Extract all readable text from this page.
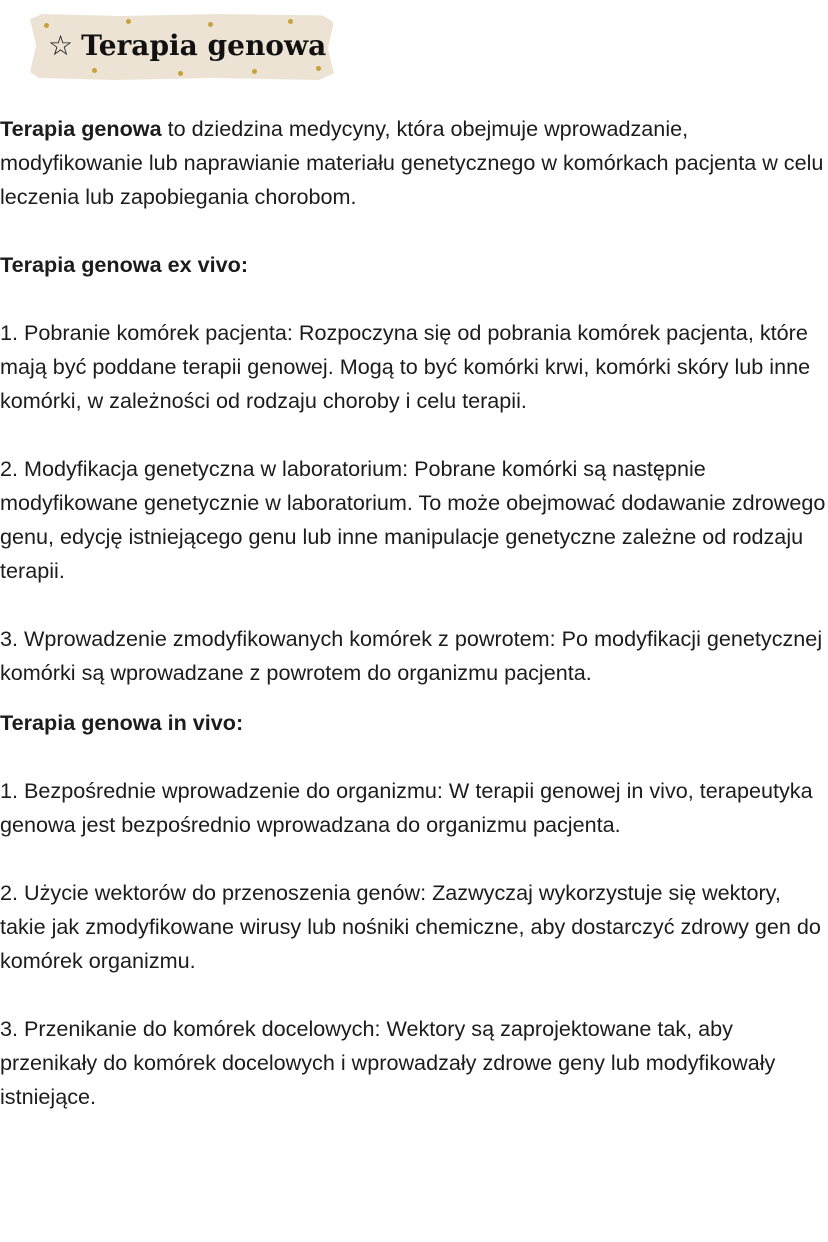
☆ Terapia genowa

Terapia genowa to dziedzina medycyny, która obejmuje wprowadzanie, modyfikowanie lub naprawianie materiału genetycznego w komórkach pacjenta w celu leczenia lub zapobiegania chorobom.

Terapia genowa ex vivo:

1. Pobranie komórek pacjenta: Rozpoczyna się od pobrania komórek pacjenta, które mają być poddane terapii genowej. Mogą to być komórki krwi, komórki skóry lub inne komórki, w zależności od rodzaju choroby i celu terapii.

2. Modyfikacja genetyczna w laboratorium: Pobrane komórki są następnie modyfikowane genetycznie w laboratorium. To może obejmować dodawanie zdrowego genu, edycję istniejącego genu lub inne manipulacje genetyczne zależne od rodzaju terapii.

3. Wprowadzenie zmodyfikowanych komórek z powrotem: Po modyfikacji genetycznej komórki są wprowadzane z powrotem do organizmu pacjenta.

Terapia genowa in vivo:

1. Bezpośrednie wprowadzenie do organizmu: W terapii genowej in vivo, terapeutyka genowa jest bezpośrednio wprowadzana do organizmu pacjenta.

2. Użycie wektorów do przenoszenia genów: Zazwyczaj wykorzystuje się wektory, takie jak zmodyfikowane wirusy lub nośniki chemiczne, aby dostarczyć zdrowy gen do komórek organizmu.

3. Przenikanie do komórek docelowych: Wektory są zaprojektowane tak, aby przenikały do komórek docelowych i wprowadzały zdrowe geny lub modyfikowały istniejące.
